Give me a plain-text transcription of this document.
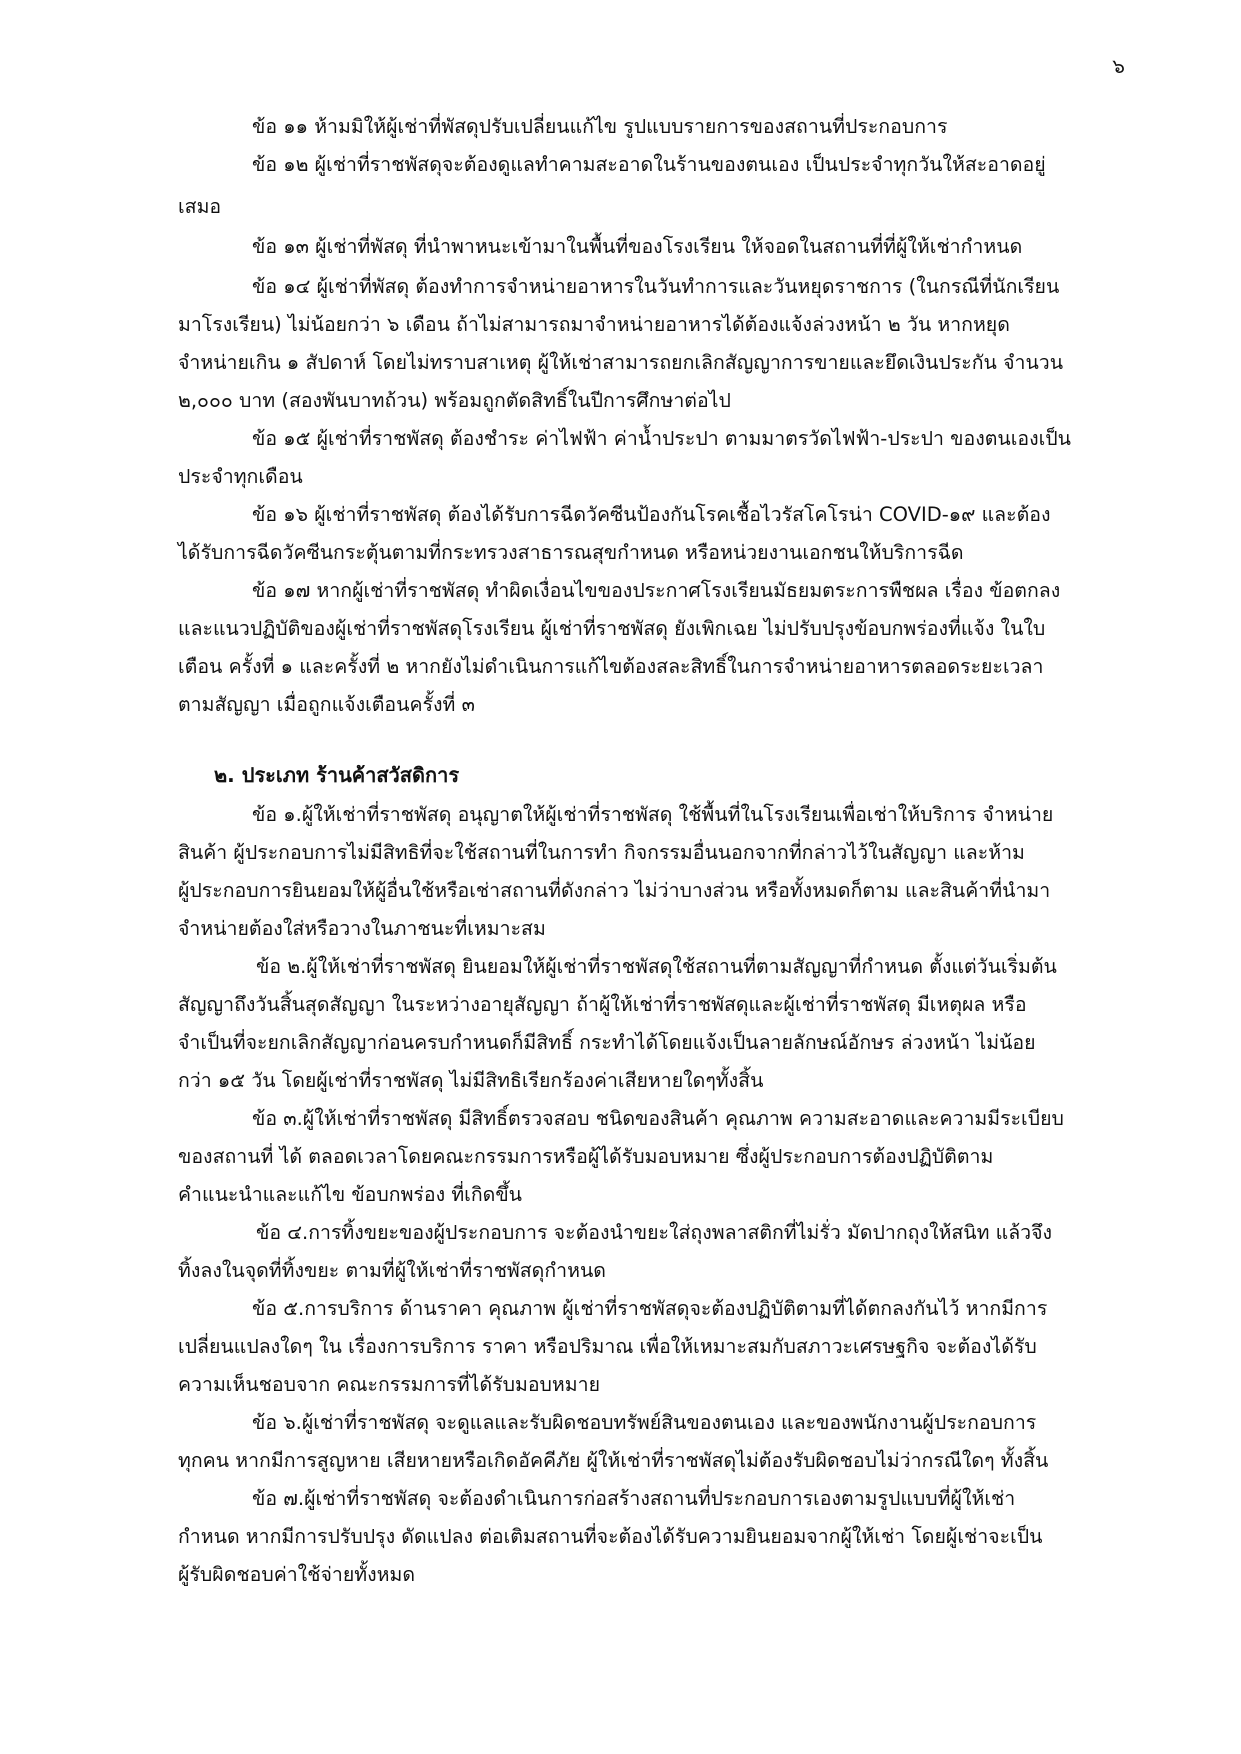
๖
ข้อ ๑๑ ห้ามมิให้ผู้เช่าที่พัสดุปรับเปลี่ยนแก้ไข รูปแบบรายการของสถานที่ประกอบการ
ข้อ ๑๒ ผู้เช่าที่ราชพัสดุจะต้องดูแลทำคามสะอาดในร้านของตนเอง เป็นประจำทุกวันให้สะอาดอยู่
เสมอ
ข้อ ๑๓ ผู้เช่าที่พัสดุ ที่นำพาหนะเข้ามาในพื้นที่ของโรงเรียน ให้จอดในสถานที่ที่ผู้ให้เช่ากำหนด
ข้อ ๑๔ ผู้เช่าที่พัสดุ ต้องทำการจำหน่ายอาหารในวันทำการและวันหยุดราชการ (ในกรณีที่นักเรียน
มาโรงเรียน) ไม่น้อยกว่า ๖ เดือน ถ้าไม่สามารถมาจำหน่ายอาหารได้ต้องแจ้งล่วงหน้า ๒ วัน หากหยุด
จำหน่ายเกิน ๑ สัปดาห์ โดยไม่ทราบสาเหตุ ผู้ให้เช่าสามารถยกเลิกสัญญาการขายและยึดเงินประกัน จำนวน
๒,๐๐๐ บาท (สองพันบาทถ้วน) พร้อมถูกตัดสิทธิ์ในปีการศึกษาต่อไป
ข้อ ๑๕ ผู้เช่าที่ราชพัสดุ ต้องชำระ ค่าไฟฟ้า ค่าน้ำประปา ตามมาตรวัดไฟฟ้า-ประปา ของตนเองเป็น
ประจำทุกเดือน
ข้อ ๑๖ ผู้เช่าที่ราชพัสดุ ต้องได้รับการฉีดวัคซีนป้องกันโรคเชื้อไวรัสโคโรน่า COVID-๑๙ และต้อง
ได้รับการฉีดวัคซีนกระตุ้นตามที่กระทรวงสาธารณสุขกำหนด หรือหน่วยงานเอกชนให้บริการฉีด
ข้อ ๑๗ หากผู้เช่าที่ราชพัสดุ ทำผิดเงื่อนไขของประกาศโรงเรียนมัธยมตระการพืชผล เรื่อง ข้อตกลง
และแนวปฏิบัติของผู้เช่าที่ราชพัสดุโรงเรียน ผู้เช่าที่ราชพัสดุ ยังเพิกเฉย ไม่ปรับปรุงข้อบกพร่องที่แจ้ง ในใบ
เตือน ครั้งที่ ๑ และครั้งที่ ๒ หากยังไม่ดำเนินการแก้ไขต้องสละสิทธิ์ในการจำหน่ายอาหารตลอดระยะเวลา
ตามสัญญา เมื่อถูกแจ้งเตือนครั้งที่ ๓
๒. ประเภท ร้านค้าสวัสดิการ
ข้อ ๑.ผู้ให้เช่าที่ราชพัสดุ อนุญาตให้ผู้เช่าที่ราชพัสดุ ใช้พื้นที่ในโรงเรียนเพื่อเช่าให้บริการ จำหน่าย
สินค้า ผู้ประกอบการไม่มีสิทธิที่จะใช้สถานที่ในการทำ กิจกรรมอื่นนอกจากที่กล่าวไว้ในสัญญา และห้าม
ผู้ประกอบการยินยอมให้ผู้อื่นใช้หรือเช่าสถานที่ดังกล่าว ไม่ว่าบางส่วน หรือทั้งหมดก็ตาม และสินค้าที่นำมา
จำหน่ายต้องใส่หรือวางในภาชนะที่เหมาะสม
ข้อ ๒.ผู้ให้เช่าที่ราชพัสดุ ยินยอมให้ผู้เช่าที่ราชพัสดุใช้สถานที่ตามสัญญาที่กำหนด ตั้งแต่วันเริ่มต้น
สัญญาถึงวันสิ้นสุดสัญญา ในระหว่างอายุสัญญา ถ้าผู้ให้เช่าที่ราชพัสดุและผู้เช่าที่ราชพัสดุ มีเหตุผล หรือ
จำเป็นที่จะยกเลิกสัญญาก่อนครบกำหนดก็มีสิทธิ์ กระทำได้โดยแจ้งเป็นลายลักษณ์อักษร ล่วงหน้า ไม่น้อย
กว่า ๑๕ วัน โดยผู้เช่าที่ราชพัสดุ ไม่มีสิทธิเรียกร้องค่าเสียหายใดๆทั้งสิ้น
ข้อ ๓.ผู้ให้เช่าที่ราชพัสดุ มีสิทธิ์ตรวจสอบ ชนิดของสินค้า คุณภาพ ความสะอาดและความมีระเบียบ
ของสถานที่ ได้ ตลอดเวลาโดยคณะกรรมการหรือผู้ได้รับมอบหมาย ซึ่งผู้ประกอบการต้องปฏิบัติตาม
คำแนะนำและแก้ไข ข้อบกพร่อง ที่เกิดขึ้น
ข้อ ๔.การทิ้งขยะของผู้ประกอบการ จะต้องนำขยะใส่ถุงพลาสติกที่ไม่รั่ว มัดปากถุงให้สนิท แล้วจึง
ทิ้งลงในจุดที่ทิ้งขยะ ตามที่ผู้ให้เช่าที่ราชพัสดุกำหนด
ข้อ ๕.การบริการ ด้านราคา คุณภาพ ผู้เช่าที่ราชพัสดุจะต้องปฏิบัติตามที่ได้ตกลงกันไว้ หากมีการ
เปลี่ยนแปลงใดๆ ใน เรื่องการบริการ ราคา หรือปริมาณ เพื่อให้เหมาะสมกับสภาวะเศรษฐกิจ จะต้องได้รับ
ความเห็นชอบจาก คณะกรรมการที่ได้รับมอบหมาย
ข้อ ๖.ผู้เช่าที่ราชพัสดุ จะดูแลและรับผิดชอบทรัพย์สินของตนเอง และของพนักงานผู้ประกอบการ
ทุกคน หากมีการสูญหาย เสียหายหรือเกิดอัคคีภัย ผู้ให้เช่าที่ราชพัสดุไม่ต้องรับผิดชอบไม่ว่ากรณีใดๆ ทั้งสิ้น
ข้อ ๗.ผู้เช่าที่ราชพัสดุ จะต้องดำเนินการก่อสร้างสถานที่ประกอบการเองตามรูปแบบที่ผู้ให้เช่า
กำหนด หากมีการปรับปรุง ดัดแปลง ต่อเติมสถานที่จะต้องได้รับความยินยอมจากผู้ให้เช่า โดยผู้เช่าจะเป็น
ผู้รับผิดชอบค่าใช้จ่ายทั้งหมด
